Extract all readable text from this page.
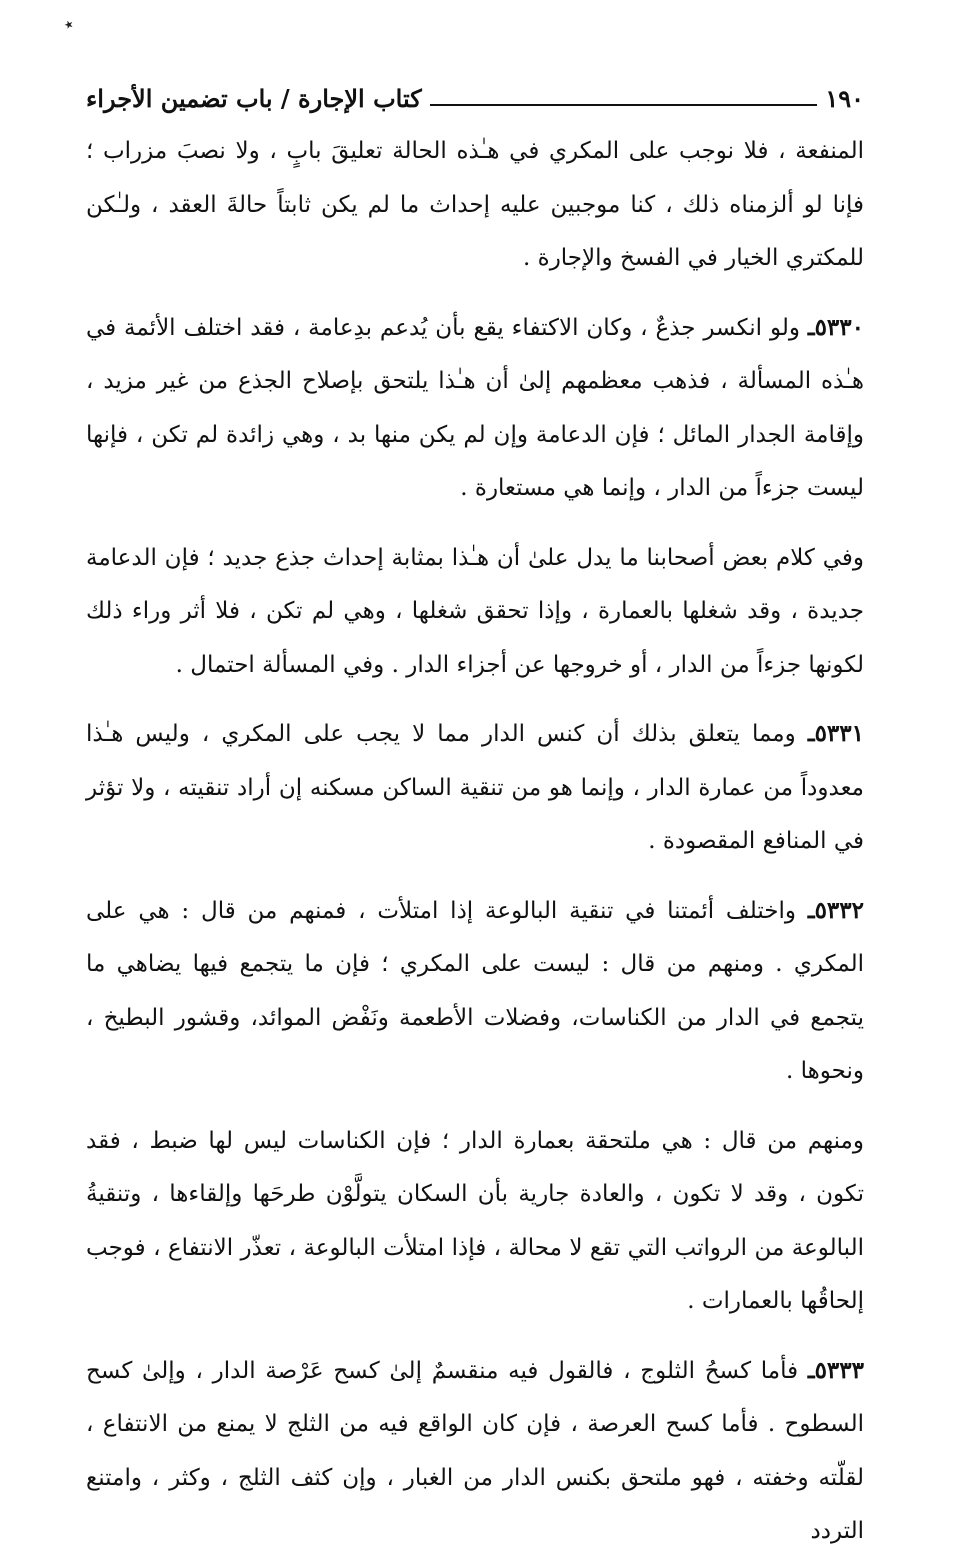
٭
١٩٠
كتاب الإجارة / باب تضمين الأجراء

المنفعة ، فلا نوجب على المكري في هـٰذه الحالة تعليقَ بابٍ ، ولا نصبَ مزراب ؛ فإنا لو ألزمناه ذلك ، كنا موجبين عليه إحداث ما لم يكن ثابتاً حالةَ العقد ، ولـٰكن للمكتري الخيار في الفسخ والإجارة .

٥٣٣٠ـ ولو انكسر جذعٌ ، وكان الاكتفاء يقع بأن يُدعم بدِعامة ، فقد اختلف الأئمة في هـٰذه المسألة ، فذهب معظمهم إلىٰ أن هـٰذا يلتحق بإصلاح الجذع من غير مزيد ، وإقامة الجدار المائل ؛ فإن الدعامة وإن لم يكن منها بد ، وهي زائدة لم تكن ، فإنها ليست جزءاً من الدار ، وإنما هي مستعارة .

وفي كلام بعض أصحابنا ما يدل علىٰ أن هـٰذا بمثابة إحداث جذع جديد ؛ فإن الدعامة جديدة ، وقد شغلها بالعمارة ، وإذا تحقق شغلها ، وهي لم تكن ، فلا أثر وراء ذلك لكونها جزءاً من الدار ، أو خروجها عن أجزاء الدار . وفي المسألة احتمال .

٥٣٣١ـ ومما يتعلق بذلك أن كنس الدار مما لا يجب على المكري ، وليس هـٰذا معدوداً من عمارة الدار ، وإنما هو من تنقية الساكن مسكنه إن أراد تنقيته ، ولا تؤثر في المنافع المقصودة .

٥٣٣٢ـ واختلف أئمتنا في تنقية البالوعة إذا امتلأت ، فمنهم من قال : هي على المكري . ومنهم من قال : ليست على المكري ؛ فإن ما يتجمع فيها يضاهي ما يتجمع في الدار من الكناسات، وفضلات الأطعمة ونَفْض الموائد، وقشور البطيخ ، ونحوها .

ومنهم من قال : هي ملتحقة بعمارة الدار ؛ فإن الكناسات ليس لها ضبط ، فقد تكون ، وقد لا تكون ، والعادة جارية بأن السكان يتولَّوْن طرحَها وإلقاءها ، وتنقيةُ البالوعة من الرواتب التي تقع لا محالة ، فإذا امتلأت البالوعة ، تعذّر الانتفاع ، فوجب إلحاقُها بالعمارات .

٥٣٣٣ـ فأما كسحُ الثلوج ، فالقول فيه منقسمٌ إلىٰ كسح عَرْصة الدار ، وإلىٰ كسح السطوح . فأما كسح العرصة ، فإن كان الواقع فيه من الثلج لا يمنع من الانتفاع ، لقلّته وخفته ، فهو ملتحق بكنس الدار من الغبار ، وإن كثف الثلج ، وكثر ، وامتنع التردد
